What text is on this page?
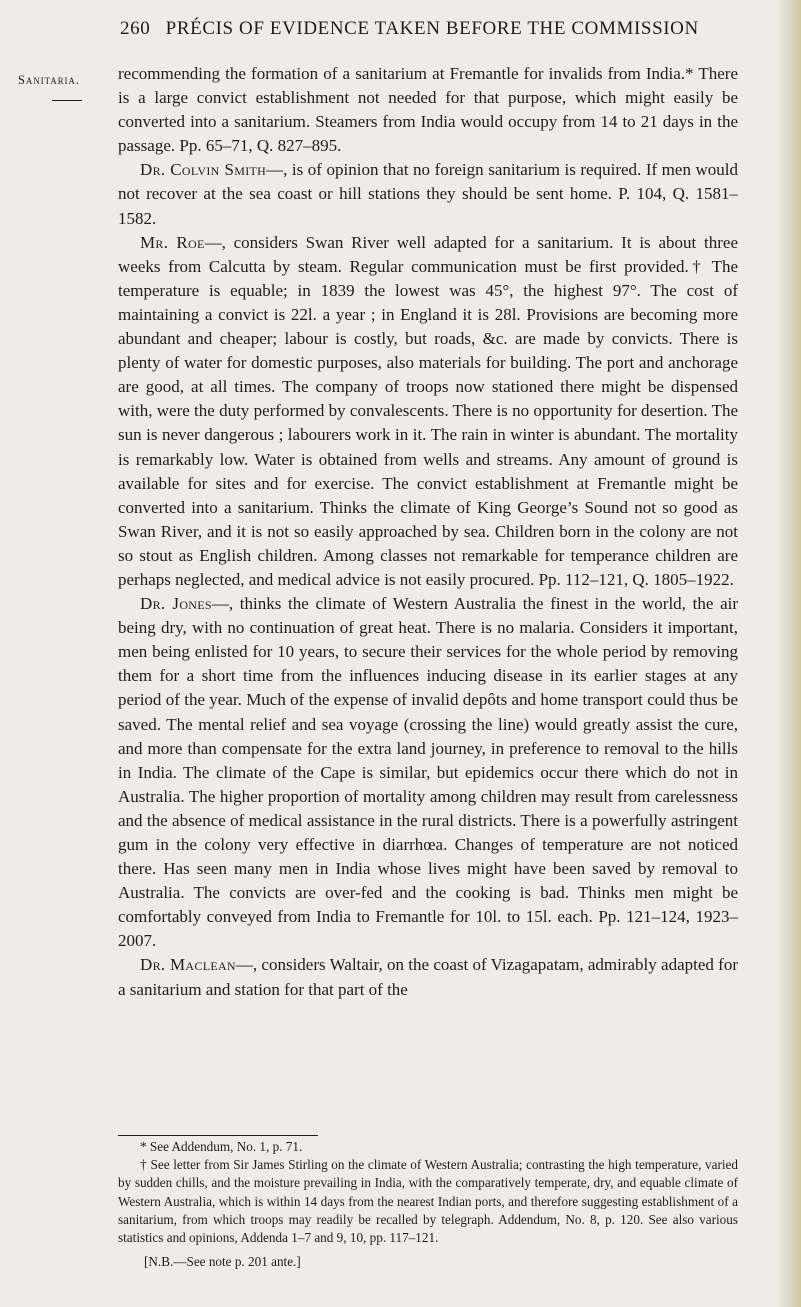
260 PRÉCIS OF EVIDENCE TAKEN BEFORE THE COMMISSION
Sanitaria. recommending the formation of a sanitarium at Fremantle for invalids from India.* There is a large convict establishment not needed for that purpose, which might easily be converted into a sanitarium. Steamers from India would occupy from 14 to 21 days in the passage. Pp. 65–71, Q. 827–895.

Dr. Colvin Smith—, is of opinion that no foreign sanitarium is required. If men would not recover at the sea coast or hill stations they should be sent home. P. 104, Q. 1581–1582.

Mr. Roe—, considers Swan River well adapted for a sanitarium. It is about three weeks from Calcutta by steam. Regular communication must be first provided.† The temperature is equable; in 1839 the lowest was 45°, the highest 97°. The cost of maintaining a convict is 22l. a year ; in England it is 28l. Provisions are becoming more abundant and cheaper; labour is costly, but roads, &c. are made by convicts. There is plenty of water for domestic purposes, also materials for building. The port and anchorage are good, at all times. The company of troops now stationed there might be dispensed with, were the duty performed by convalescents. There is no opportunity for desertion. The sun is never dangerous ; labourers work in it. The rain in winter is abundant. The mortality is remarkably low. Water is obtained from wells and streams. Any amount of ground is available for sites and for exercise. The convict establishment at Fremantle might be converted into a sanitarium. Thinks the climate of King George’s Sound not so good as Swan River, and it is not so easily approached by sea. Children born in the colony are not so stout as English children. Among classes not remarkable for temperance children are perhaps neglected, and medical advice is not easily procured. Pp. 112–121, Q. 1805–1922.

Dr. Jones—, thinks the climate of Western Australia the finest in the world, the air being dry, with no continuation of great heat. There is no malaria. Considers it important, men being enlisted for 10 years, to secure their services for the whole period by removing them for a short time from the influences inducing disease in its earlier stages at any period of the year. Much of the expense of invalid depôts and home transport could thus be saved. The mental relief and sea voyage (crossing the line) would greatly assist the cure, and more than compensate for the extra land journey, in preference to removal to the hills in India. The climate of the Cape is similar, but epidemics occur there which do not in Australia. The higher proportion of mortality among children may result from carelessness and the absence of medical assistance in the rural districts. There is a powerfully astringent gum in the colony very effective in diarrhœa. Changes of temperature are not noticed there. Has seen many men in India whose lives might have been saved by removal to Australia. The convicts are over-fed and the cooking is bad. Thinks men might be comfortably conveyed from India to Fremantle for 10l. to 15l. each. Pp. 121–124, 1923–2007.

Dr. Maclean—, considers Waltair, on the coast of Vizagapatam, admirably adapted for a sanitarium and station for that part of the

* See Addendum, No. 1, p. 71.

† See letter from Sir James Stirling on the climate of Western Australia; contrasting the high temperature, varied by sudden chills, and the moisture prevailing in India, with the comparatively temperate, dry, and equable climate of Western Australia, which is within 14 days from the nearest Indian ports, and therefore suggesting establishment of a sanitarium, from which troops may readily be recalled by telegraph. Addendum, No. 8, p. 120. See also various statistics and opinions, Addenda 1–7 and 9, 10, pp. 117–121.

[N.B.—See note p. 201 ante.]
